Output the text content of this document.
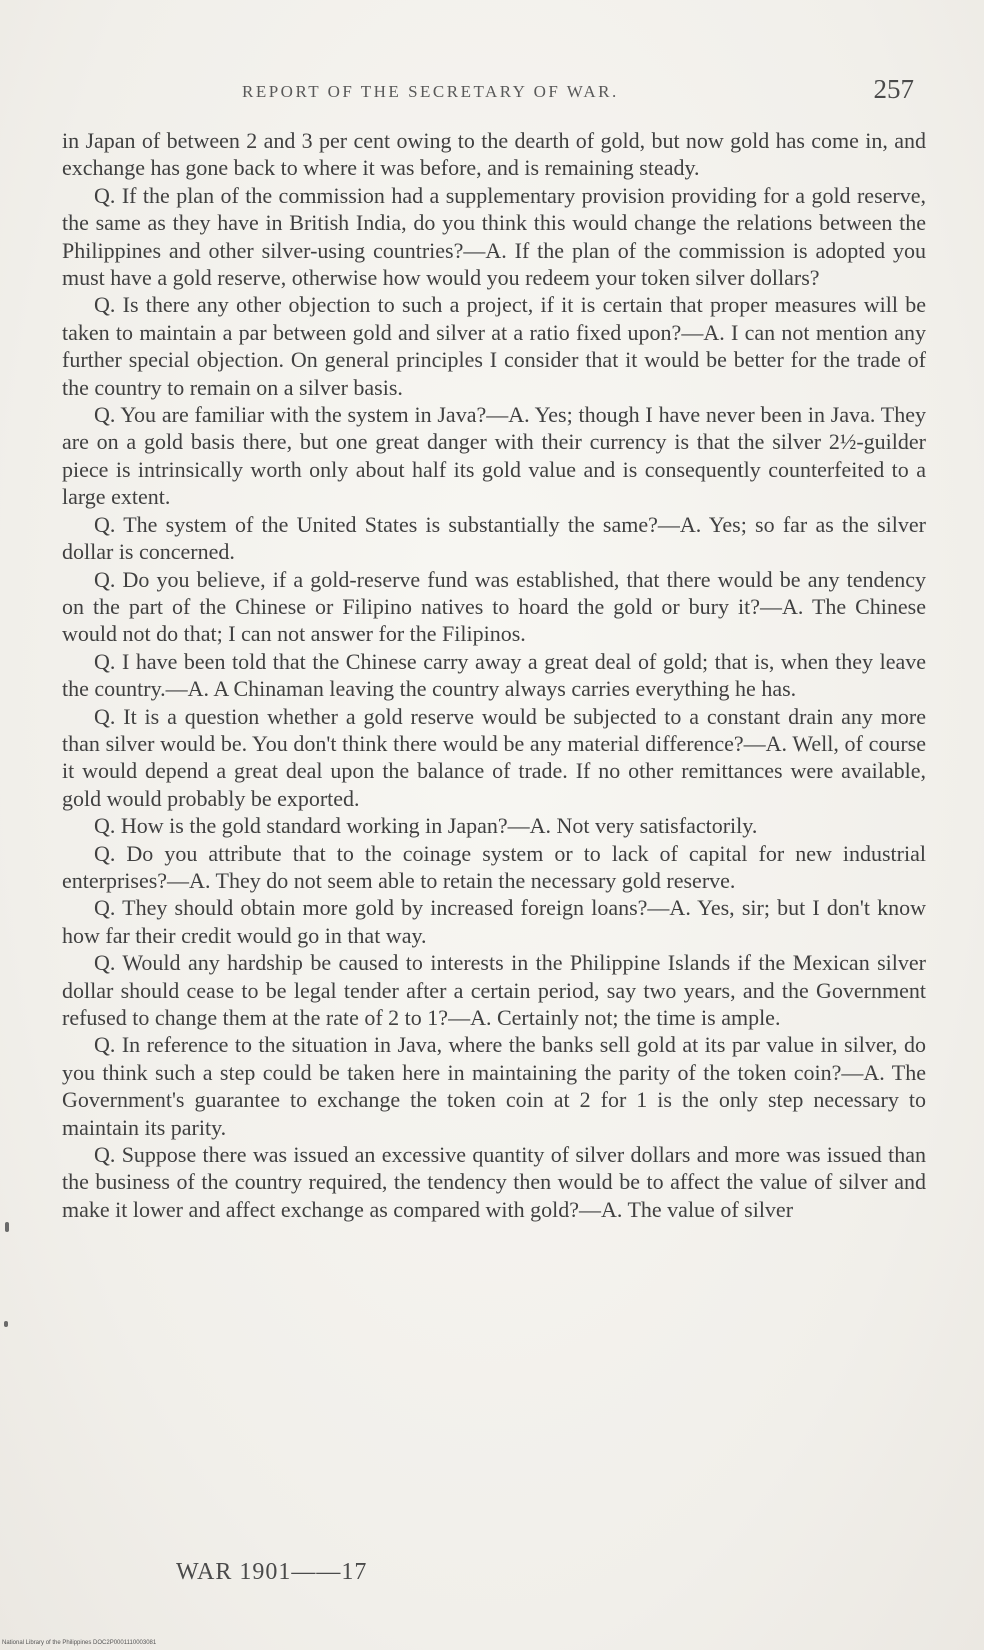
REPORT OF THE SECRETARY OF WAR.	257

in Japan of between 2 and 3 per cent owing to the dearth of gold, but now gold has come in, and exchange has gone back to where it was before, and is remaining steady.

Q. If the plan of the commission had a supplementary provision providing for a gold reserve, the same as they have in British India, do you think this would change the relations between the Philippines and other silver-using countries?—A. If the plan of the commission is adopted you must have a gold reserve, otherwise how would you redeem your token silver dollars?

Q. Is there any other objection to such a project, if it is certain that proper measures will be taken to maintain a par between gold and silver at a ratio fixed upon?—A. I can not mention any further special objection. On general principles I consider that it would be better for the trade of the country to remain on a silver basis.

Q. You are familiar with the system in Java?—A. Yes; though I have never been in Java. They are on a gold basis there, but one great danger with their currency is that the silver 2½-guilder piece is intrinsically worth only about half its gold value and is consequently counterfeited to a large extent.

Q. The system of the United States is substantially the same?—A. Yes; so far as the silver dollar is concerned.

Q. Do you believe, if a gold-reserve fund was established, that there would be any tendency on the part of the Chinese or Filipino natives to hoard the gold or bury it?—A. The Chinese would not do that; I can not answer for the Filipinos.

Q. I have been told that the Chinese carry away a great deal of gold; that is, when they leave the country.—A. A Chinaman leaving the country always carries everything he has.

Q. It is a question whether a gold reserve would be subjected to a constant drain any more than silver would be. You don't think there would be any material difference?—A. Well, of course it would depend a great deal upon the balance of trade. If no other remittances were available, gold would probably be exported.

Q. How is the gold standard working in Japan?—A. Not very satisfactorily.

Q. Do you attribute that to the coinage system or to lack of capital for new industrial enterprises?—A. They do not seem able to retain the necessary gold reserve.

Q. They should obtain more gold by increased foreign loans?—A. Yes, sir; but I don't know how far their credit would go in that way.

Q. Would any hardship be caused to interests in the Philippine Islands if the Mexican silver dollar should cease to be legal tender after a certain period, say two years, and the Government refused to change them at the rate of 2 to 1?—A. Certainly not; the time is ample.

Q. In reference to the situation in Java, where the banks sell gold at its par value in silver, do you think such a step could be taken here in maintaining the parity of the token coin?—A. The Government's guarantee to exchange the token coin at 2 for 1 is the only step necessary to maintain its parity.

Q. Suppose there was issued an excessive quantity of silver dollars and more was issued than the business of the country required, the tendency then would be to affect the value of silver and make it lower and affect exchange as compared with gold?—A. The value of silver

WAR 1901——17
National Library of the Philippines DOC2P0001110003081
